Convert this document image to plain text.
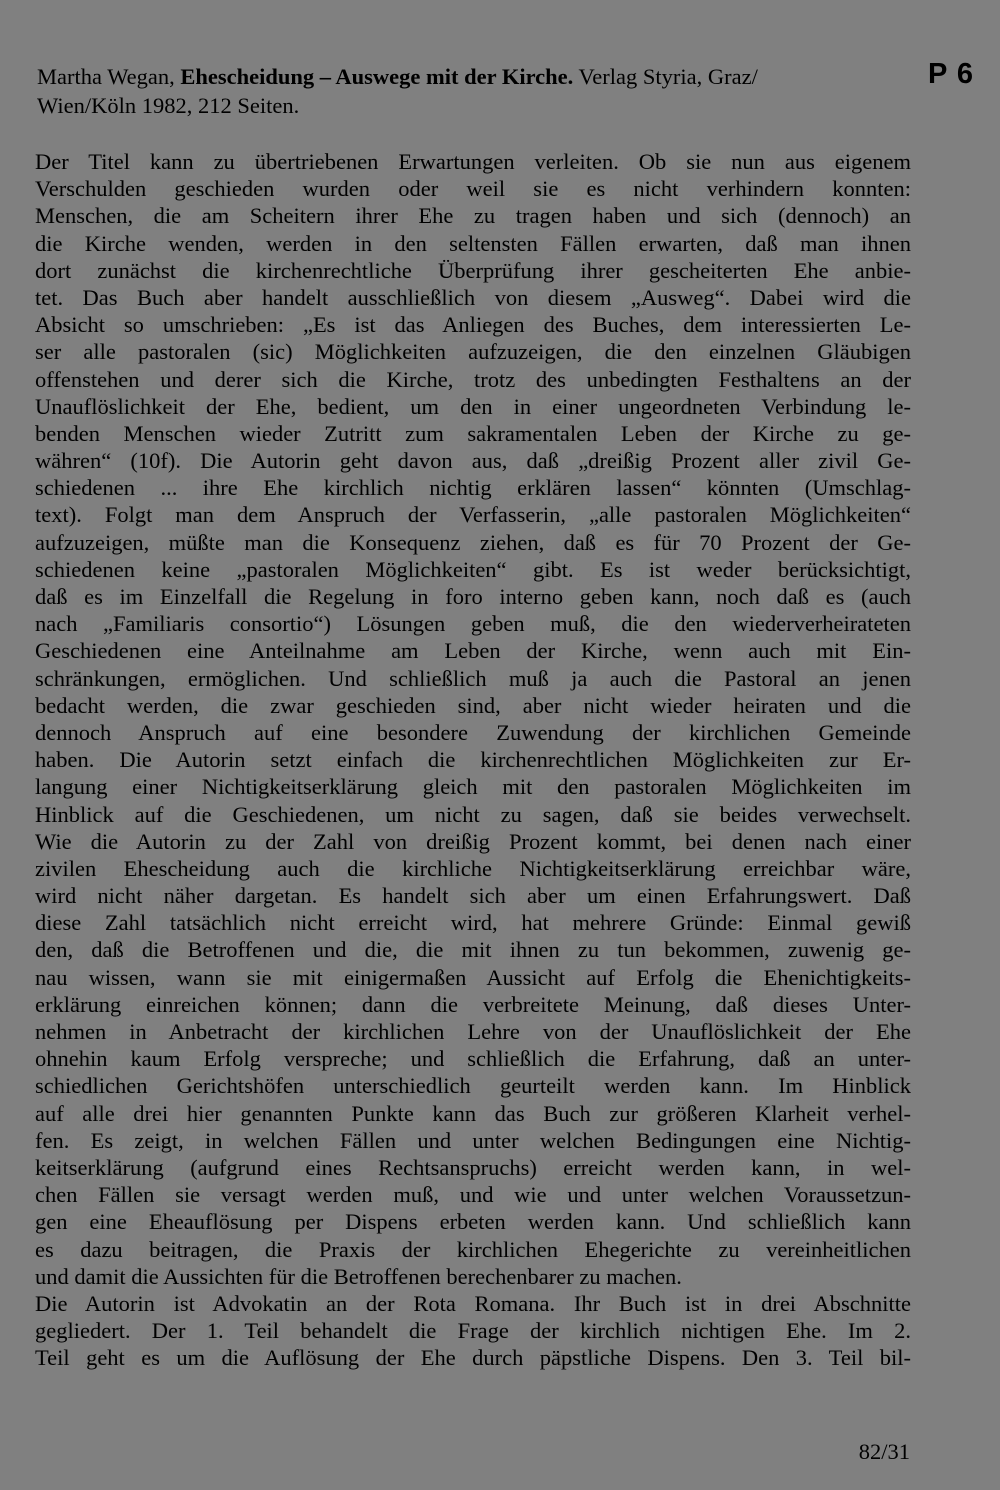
P 6

Martha Wegan, Ehescheidung – Auswege mit der Kirche. Verlag Styria, Graz/
Wien/Köln 1982, 212 Seiten.

Der Titel kann zu übertriebenen Erwartungen verleiten. Ob sie nun aus eigenem
Verschulden geschieden wurden oder weil sie es nicht verhindern konnten:
Menschen, die am Scheitern ihrer Ehe zu tragen haben und sich (dennoch) an
die Kirche wenden, werden in den seltensten Fällen erwarten, daß man ihnen
dort zunächst die kirchenrechtliche Überprüfung ihrer gescheiterten Ehe anbie-
tet. Das Buch aber handelt ausschließlich von diesem „Ausweg“. Dabei wird die
Absicht so umschrieben: „Es ist das Anliegen des Buches, dem interessierten Le-
ser alle pastoralen (sic) Möglichkeiten aufzuzeigen, die den einzelnen Gläubigen
offenstehen und derer sich die Kirche, trotz des unbedingten Festhaltens an der
Unauflöslichkeit der Ehe, bedient, um den in einer ungeordneten Verbindung le-
benden Menschen wieder Zutritt zum sakramentalen Leben der Kirche zu ge-
währen“ (10f). Die Autorin geht davon aus, daß „dreißig Prozent aller zivil Ge-
schiedenen ... ihre Ehe kirchlich nichtig erklären lassen“ könnten (Umschlag-
text). Folgt man dem Anspruch der Verfasserin, „alle pastoralen Möglichkeiten“
aufzuzeigen, müßte man die Konsequenz ziehen, daß es für 70 Prozent der Ge-
schiedenen keine „pastoralen Möglichkeiten“ gibt. Es ist weder berücksichtigt,
daß es im Einzelfall die Regelung in foro interno geben kann, noch daß es (auch
nach „Familiaris consortio“) Lösungen geben muß, die den wiederverheirateten
Geschiedenen eine Anteilnahme am Leben der Kirche, wenn auch mit Ein-
schränkungen, ermöglichen. Und schließlich muß ja auch die Pastoral an jenen
bedacht werden, die zwar geschieden sind, aber nicht wieder heiraten und die
dennoch Anspruch auf eine besondere Zuwendung der kirchlichen Gemeinde
haben. Die Autorin setzt einfach die kirchenrechtlichen Möglichkeiten zur Er-
langung einer Nichtigkeitserklärung gleich mit den pastoralen Möglichkeiten im
Hinblick auf die Geschiedenen, um nicht zu sagen, daß sie beides verwechselt.
Wie die Autorin zu der Zahl von dreißig Prozent kommt, bei denen nach einer
zivilen Ehescheidung auch die kirchliche Nichtigkeitserklärung erreichbar wäre,
wird nicht näher dargetan. Es handelt sich aber um einen Erfahrungswert. Daß
diese Zahl tatsächlich nicht erreicht wird, hat mehrere Gründe: Einmal gewiß
den, daß die Betroffenen und die, die mit ihnen zu tun bekommen, zuwenig ge-
nau wissen, wann sie mit einigermaßen Aussicht auf Erfolg die Ehenichtigkeits-
erklärung einreichen können; dann die verbreitete Meinung, daß dieses Unter-
nehmen in Anbetracht der kirchlichen Lehre von der Unauflöslichkeit der Ehe
ohnehin kaum Erfolg verspreche; und schließlich die Erfahrung, daß an unter-
schiedlichen Gerichtshöfen unterschiedlich geurteilt werden kann. Im Hinblick
auf alle drei hier genannten Punkte kann das Buch zur größeren Klarheit verhel-
fen. Es zeigt, in welchen Fällen und unter welchen Bedingungen eine Nichtig-
keitserklärung (aufgrund eines Rechtsanspruchs) erreicht werden kann, in wel-
chen Fällen sie versagt werden muß, und wie und unter welchen Voraussetzun-
gen eine Eheauflösung per Dispens erbeten werden kann. Und schließlich kann
es dazu beitragen, die Praxis der kirchlichen Ehegerichte zu vereinheitlichen
und damit die Aussichten für die Betroffenen berechenbarer zu machen.
Die Autorin ist Advokatin an der Rota Romana. Ihr Buch ist in drei Abschnitte
gegliedert. Der 1. Teil behandelt die Frage der kirchlich nichtigen Ehe. Im 2.
Teil geht es um die Auflösung der Ehe durch päpstliche Dispens. Den 3. Teil bil-
82/31
